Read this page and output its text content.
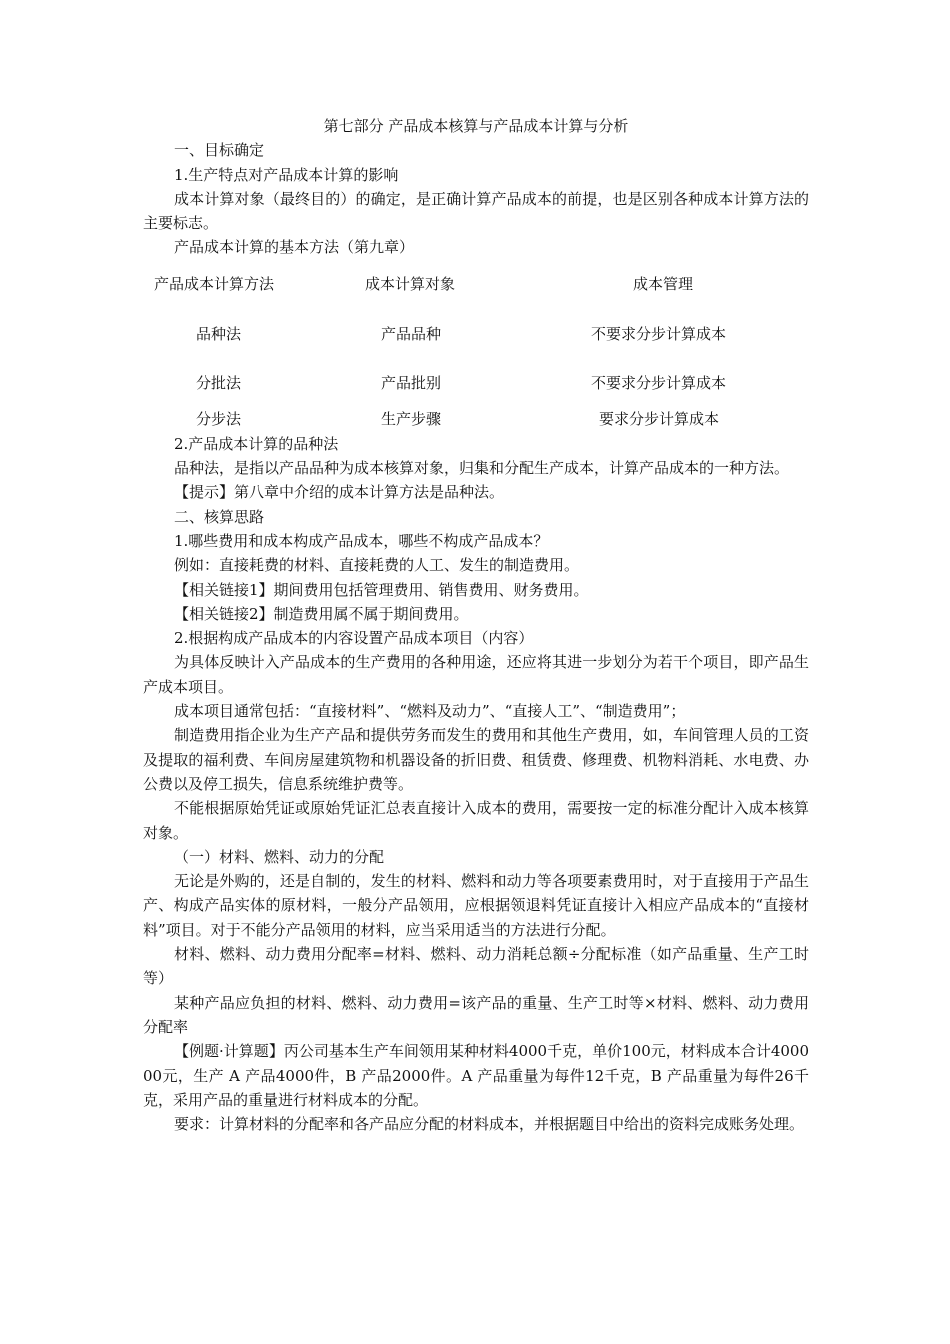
第七部分 产品成本核算与产品成本计算与分析

一、目标确定

1.生产特点对产品成本计算的影响

成本计算对象（最终目的）的确定，是正确计算产品成本的前提，也是区别各种成本计算方法的主要标志。

产品成本计算的基本方法（第九章）

产品成本计算方法	成本计算对象	成本管理
品种法	产品品种	不要求分步计算成本
分批法	产品批别	不要求分步计算成本
分步法	生产步骤	要求分步计算成本

2.产品成本计算的品种法

品种法，是指以产品品种为成本核算对象，归集和分配生产成本，计算产品成本的一种方法。

【提示】第八章中介绍的成本计算方法是品种法。

二、核算思路

1.哪些费用和成本构成产品成本，哪些不构成产品成本？

例如：直接耗费的材料、直接耗费的人工、发生的制造费用。

【相关链接1】期间费用包括管理费用、销售费用、财务费用。

【相关链接2】制造费用属不属于期间费用。

2.根据构成产品成本的内容设置产品成本项目（内容）

为具体反映计入产品成本的生产费用的各种用途，还应将其进一步划分为若干个项目，即产品生产成本项目。

成本项目通常包括：“直接材料”、“燃料及动力”、“直接人工”、“制造费用”；

制造费用指企业为生产产品和提供劳务而发生的费用和其他生产费用，如，车间管理人员的工资及提取的福利费、车间房屋建筑物和机器设备的折旧费、租赁费、修理费、机物料消耗、水电费、办公费以及停工损失，信息系统维护费等。

不能根据原始凭证或原始凭证汇总表直接计入成本的费用，需要按一定的标准分配计入成本核算对象。

（一）材料、燃料、动力的分配

无论是外购的，还是自制的，发生的材料、燃料和动力等各项要素费用时，对于直接用于产品生产、构成产品实体的原材料，一般分产品领用，应根据领退料凭证直接计入相应产品成本的“直接材料”项目。对于不能分产品领用的材料，应当采用适当的方法进行分配。

材料、燃料、动力费用分配率=材料、燃料、动力消耗总额÷分配标准（如产品重量、生产工时等）

某种产品应负担的材料、燃料、动力费用=该产品的重量、生产工时等×材料、燃料、动力费用分配率

【例题·计算题】丙公司基本生产车间领用某种材料4000千克，单价100元，材料成本合计400000元，生产 A 产品4000件，B 产品2000件。A 产品重量为每件12千克，B 产品重量为每件26千克，采用产品的重量进行材料成本的分配。

要求：计算材料的分配率和各产品应分配的材料成本，并根据题目中给出的资料完成账务处理。
